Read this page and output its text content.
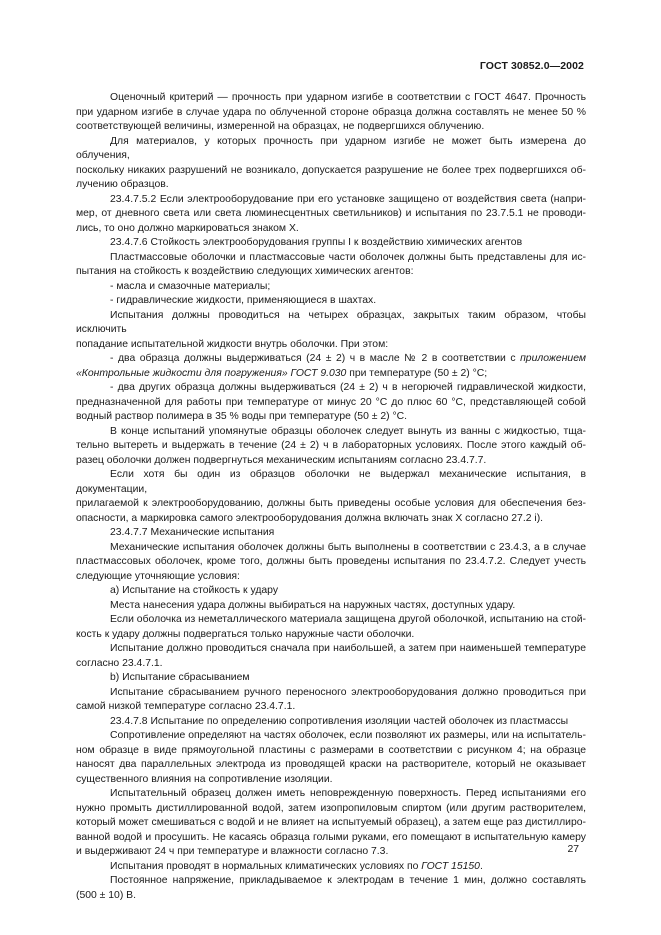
ГОСТ 30852.0—2002

Оценочный критерий — прочность при ударном изгибе в соответствии с ГОСТ 4647. Прочность
при ударном изгибе в случае удара по облученной стороне образца должна составлять не менее 50 %
соответствующей величины, измеренной на образцах, не подвергшихся облучению.

Для материалов, у которых прочность при ударном изгибе не может быть измерена до облучения,
поскольку никаких разрушений не возникало, допускается разрушение не более трех подвергшихся об-
лучению образцов.

23.4.7.5.2 Если электрооборудование при его установке защищено от воздействия света (напри-
мер, от дневного света или света люминесцентных светильников) и испытания по 23.7.5.1 не проводи-
лись, то оно должно маркироваться знаком X.

23.4.7.6 Стойкость электрооборудования группы I к воздействию химических агентов

Пластмассовые оболочки и пластмассовые части оболочек должны быть представлены для ис-
пытания на стойкость к воздействию следующих химических агентов:

- масла и смазочные материалы;

- гидравлические жидкости, применяющиеся в шахтах.

Испытания должны проводиться на четырех образцах, закрытых таким образом, чтобы исключить
попадание испытательной жидкости внутрь оболочки. При этом:

- два образца должны выдерживаться (24 ± 2) ч в масле № 2 в соответствии с приложением
«Контрольные жидкости для погружения» ГОСТ 9.030 при температуре (50 ± 2) °С;

- два других образца должны выдерживаться (24 ± 2) ч в негорючей гидравлической жидкости,
предназначенной для работы при температуре от минус 20 °С до плюс 60 °С, представляющей собой
водный раствор полимера в 35 % воды при температуре (50 ± 2) °С.

В конце испытаний упомянутые образцы оболочек следует вынуть из ванны с жидкостью, тща-
тельно вытереть и выдержать в течение (24 ± 2) ч в лабораторных условиях. После этого каждый об-
разец оболочки должен подвергнуться механическим испытаниям согласно 23.4.7.7.

Если хотя бы один из образцов оболочки не выдержал механические испытания, в документации,
прилагаемой к электрооборудованию, должны быть приведены особые условия для обеспечения без-
опасности, а маркировка самого электрооборудования должна включать знак X согласно 27.2 i).

23.4.7.7 Механические испытания

Механические испытания оболочек должны быть выполнены в соответствии с 23.4.3, а в случае
пластмассовых оболочек, кроме того, должны быть проведены испытания по 23.4.7.2. Следует учесть
следующие уточняющие условия:

а) Испытание на стойкость к удару

Места нанесения удара должны выбираться на наружных частях, доступных удару.

Если оболочка из неметаллического материала защищена другой оболочкой, испытанию на стой-
кость к удару должны подвергаться только наружные части оболочки.

Испытание должно проводиться сначала при наибольшей, а затем при наименьшей температуре
согласно 23.4.7.1.

b) Испытание сбрасыванием

Испытание сбрасыванием ручного переносного электрооборудования должно проводиться при
самой низкой температуре согласно 23.4.7.1.

23.4.7.8 Испытание по определению сопротивления изоляции частей оболочек из пластмассы

Сопротивление определяют на частях оболочек, если позволяют их размеры, или на испытатель-
ном образце в виде прямоугольной пластины с размерами в соответствии с рисунком 4; на образце
наносят два параллельных электрода из проводящей краски на растворителе, который не оказывает
существенного влияния на сопротивление изоляции.

Испытательный образец должен иметь неповрежденную поверхность. Перед испытаниями его
нужно промыть дистиллированной водой, затем изопропиловым спиртом (или другим растворителем,
который может смешиваться с водой и не влияет на испытуемый образец), а затем еще раз дистиллиро-
ванной водой и просушить. Не касаясь образца голыми руками, его помещают в испытательную камеру
и выдерживают 24 ч при температуре и влажности согласно 7.3.

Испытания проводят в нормальных климатических условиях по ГОСТ 15150.

Постоянное напряжение, прикладываемое к электродам в течение 1 мин, должно составлять
(500 ± 10) В.

27
